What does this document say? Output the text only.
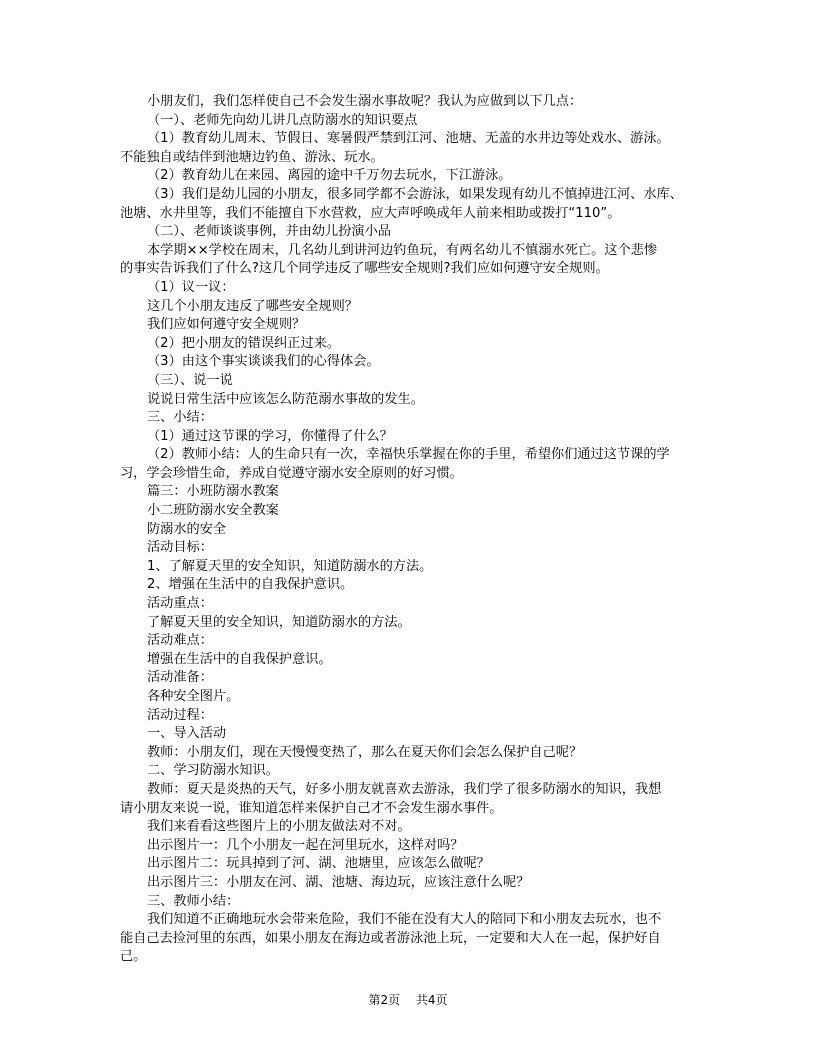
小朋友们，我们怎样使自己不会发生溺水事故呢？我认为应做到以下几点：
（一）、老师先向幼儿讲几点防溺水的知识要点
（1）教育幼儿周末、节假日、寒暑假严禁到江河、池塘、无盖的水井边等处戏水、游泳。
不能独自或结伴到池塘边钓鱼、游泳、玩水。
（2）教育幼儿在来园、离园的途中千万勿去玩水，下江游泳。
（3）我们是幼儿园的小朋友，很多同学都不会游泳，如果发现有幼儿不慎掉进江河、水库、
池塘、水井里等，我们不能擅自下水营救，应大声呼唤成年人前来相助或拨打“110”。
（二）、老师谈谈事例，并由幼儿扮演小品
本学期××学校在周末，几名幼儿到讲河边钓鱼玩，有两名幼儿不慎溺水死亡。这个悲惨
的事实告诉我们了什么?这几个同学违反了哪些安全规则?我们应如何遵守安全规则。
（1）议一议：
这几个小朋友违反了哪些安全规则？
我们应如何遵守安全规则？
（2）把小朋友的错误纠正过来。
（3）由这个事实谈谈我们的心得体会。
（三）、说一说
说说日常生活中应该怎么防范溺水事故的发生。
三、小结：
（1）通过这节课的学习，你懂得了什么？
（2）教师小结：人的生命只有一次，幸福快乐掌握在你的手里，希望你们通过这节课的学
习，学会珍惜生命，养成自觉遵守溺水安全原则的好习惯。
篇三：小班防溺水教案
小二班防溺水安全教案
防溺水的安全
活动目标：
1、了解夏天里的安全知识，知道防溺水的方法。
2、增强在生活中的自我保护意识。
活动重点：
了解夏天里的安全知识，知道防溺水的方法。
活动难点：
增强在生活中的自我保护意识。
活动准备：
各种安全图片。
活动过程：
一、导入活动
教师：小朋友们，现在天慢慢变热了，那么在夏天你们会怎么保护自己呢？
二、学习防溺水知识。
教师：夏天是炎热的天气，好多小朋友就喜欢去游泳，我们学了很多防溺水的知识，我想
请小朋友来说一说，谁知道怎样来保护自己才不会发生溺水事件。
我们来看看这些图片上的小朋友做法对不对。
出示图片一：几个小朋友一起在河里玩水，这样对吗？
出示图片二：玩具掉到了河、湖、池塘里，应该怎么做呢？
出示图片三：小朋友在河、湖、池塘、海边玩，应该注意什么呢？
三、教师小结：
我们知道不正确地玩水会带来危险，我们不能在没有大人的陪同下和小朋友去玩水，也不
能自己去捡河里的东西，如果小朋友在海边或者游泳池上玩，一定要和大人在一起，保护好自
己。
第2页 共4页
